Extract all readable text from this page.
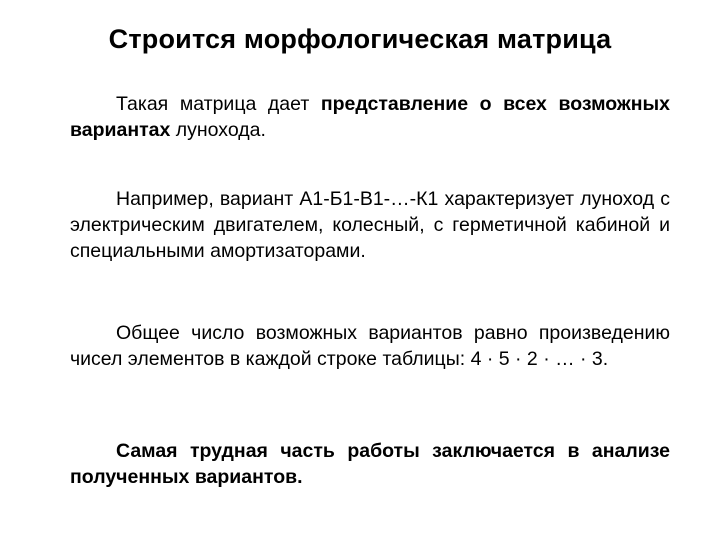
Строится морфологическая матрица

Такая матрица дает представление о всех возможных вариантах лунохода.

Например, вариант А1-Б1-В1-…-К1 характеризует луноход с электрическим двигателем, колесный, с герметичной кабиной и специальными амортизаторами.

Общее число возможных вариантов равно произведению чисел элементов в каждой строке таблицы: 4 · 5 · 2 · … · 3.

Самая трудная часть работы заключается в анализе полученных вариантов.
